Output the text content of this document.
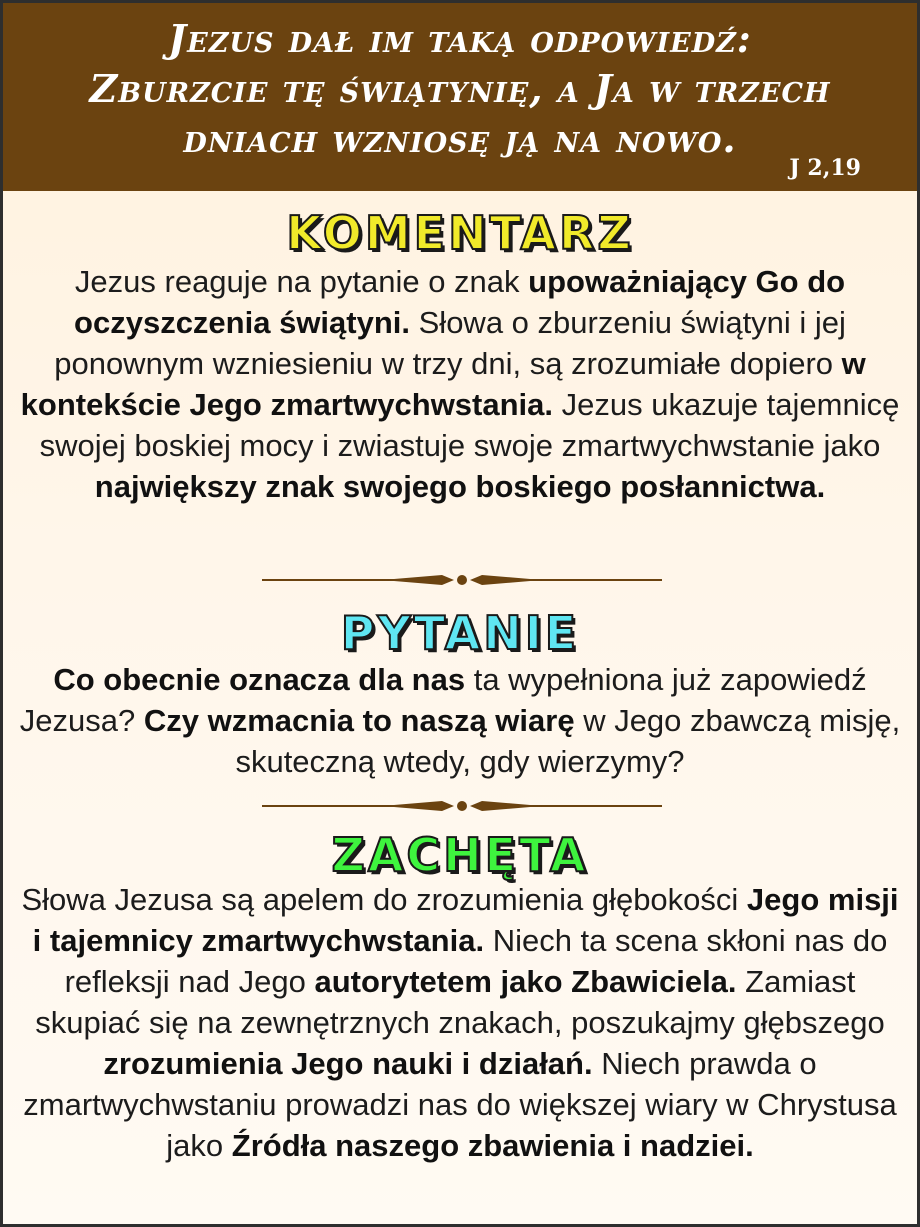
Jezus dał im taką odpowiedź:
Zburzcie tę świątynię, a Ja w trzech
dniach wzniosę ją na nowo.
J 2,19
KOMENTARZ
Jezus reaguje na pytanie o znak upoważniający Go do oczyszczenia świątyni. Słowa o zburzeniu świątyni i jej ponownym wzniesieniu w trzy dni, są zrozumiałe dopiero w kontekście Jego zmartwychwstania. Jezus ukazuje tajemnicę swojej boskiej mocy i zwiastuje swoje zmartwychwstanie jako największy znak swojego boskiego posłannictwa.
PYTANIE
Co obecnie oznacza dla nas ta wypełniona już zapowiedź Jezusa? Czy wzmacnia to naszą wiarę w Jego zbawczą misję, skuteczną wtedy, gdy wierzymy?
ZACHĘTA
Słowa Jezusa są apelem do zrozumienia głębokości Jego misji i tajemnicy zmartwychwstania. Niech ta scena skłoni nas do refleksji nad Jego autorytetem jako Zbawiciela. Zamiast skupiać się na zewnętrznych znakach, poszukajmy głębszego zrozumienia Jego nauki i działań. Niech prawda o zmartwychwstaniu prowadzi nas do większej wiary w Chrystusa jako Źródła naszego zbawienia i nadziei.
